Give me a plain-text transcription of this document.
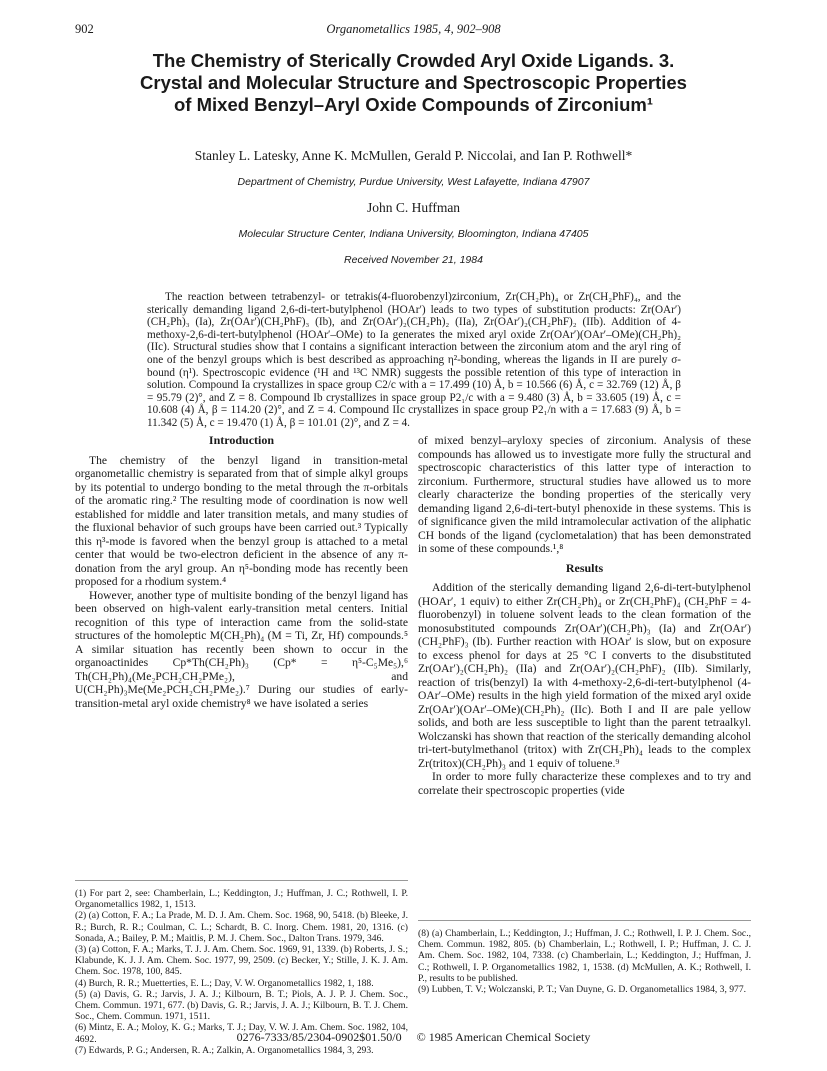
902	Organometallics 1985, 4, 902–908
The Chemistry of Sterically Crowded Aryl Oxide Ligands. 3.
Crystal and Molecular Structure and Spectroscopic Properties
of Mixed Benzyl–Aryl Oxide Compounds of Zirconium¹
Stanley L. Latesky, Anne K. McMullen, Gerald P. Niccolai, and Ian P. Rothwell*
Department of Chemistry, Purdue University, West Lafayette, Indiana 47907
John C. Huffman
Molecular Structure Center, Indiana University, Bloomington, Indiana 47405
Received November 21, 1984

The reaction between tetrabenzyl- or tetrakis(4-fluorobenzyl)zirconium, Zr(CH₂Ph)₄ or Zr(CH₂PhF)₄, and the sterically demanding ligand 2,6-di-tert-butylphenol (HOAr′) leads to two types of substitution products: Zr(OAr′)(CH₂Ph)₃ (Ia), Zr(OAr′)(CH₂PhF)₃ (Ib), and Zr(OAr′)₂(CH₂Ph)₂ (IIa), Zr(OAr′)₂(CH₂PhF)₂ (IIb). Addition of 4-methoxy-2,6-di-tert-butylphenol (HOAr′–OMe) to Ia generates the mixed aryl oxide Zr(OAr′)(OAr′–OMe)(CH₂Ph)₂ (IIc). Structural studies show that I contains a significant interaction between the zirconium atom and the aryl ring of one of the benzyl groups which is best described as approaching η²-bonding, whereas the ligands in II are purely σ-bound (η¹). Spectroscopic evidence (¹H and ¹³C NMR) suggests the possible retention of this type of interaction in solution. Compound Ia crystallizes in space group C2/c with a = 17.499 (10) Å, b = 10.566 (6) Å, c = 32.769 (12) Å, β = 95.79 (2)°, and Z = 8. Compound Ib crystallizes in space group P2₁/c with a = 9.480 (3) Å, b = 33.605 (19) Å, c = 10.608 (4) Å, β = 114.20 (2)°, and Z = 4. Compound IIc crystallizes in space group P2₁/n with a = 17.683 (9) Å, b = 11.342 (5) Å, c = 19.470 (1) Å, β = 101.01 (2)°, and Z = 4.

Introduction

The chemistry of the benzyl ligand in transition-metal organometallic chemistry is separated from that of simple alkyl groups by its potential to undergo bonding to the metal through the π-orbitals of the aromatic ring.² The resulting mode of coordination is now well established for middle and later transition metals, and many studies of the fluxional behavior of such groups have been carried out.³ Typically this η³-mode is favored when the benzyl group is attached to a metal center that would be two-electron deficient in the absence of any π-donation from the aryl group. An η⁵-bonding mode has recently been proposed for a rhodium system.⁴

However, another type of multisite bonding of the benzyl ligand has been observed on high-valent early-transition metal centers. Initial recognition of this type of interaction came from the solid-state structures of the homoleptic M(CH₂Ph)₄ (M = Ti, Zr, Hf) compounds.⁵ A similar situation has recently been shown to occur in the organoactinides Cp*Th(CH₂Ph)₃ (Cp* = η⁵-C₅Me₅),⁶ Th(CH₂Ph)₄(Me₂PCH₂CH₂PMe₂), and U(CH₂Ph)₃Me(Me₂PCH₂CH₂PMe₂).⁷ During our studies of early-transition-metal aryl oxide chemistry⁸ we have isolated a series

of mixed benzyl–aryloxy species of zirconium. Analysis of these compounds has allowed us to investigate more fully the structural and spectroscopic characteristics of this latter type of interaction to zirconium. Furthermore, structural studies have allowed us to more clearly characterize the bonding properties of the sterically very demanding ligand 2,6-di-tert-butyl phenoxide in these systems. This is of significance given the mild intramolecular activation of the aliphatic CH bonds of the ligand (cyclometalation) that has been demonstrated in some of these compounds.¹,⁸

Results

Addition of the sterically demanding ligand 2,6-di-tert-butylphenol (HOAr′, 1 equiv) to either Zr(CH₂Ph)₄ or Zr(CH₂PhF)₄ (CH₂PhF = 4-fluorobenzyl) in toluene solvent leads to the clean formation of the monosubstituted compounds Zr(OAr′)(CH₂Ph)₃ (Ia) and Zr(OAr′)(CH₂PhF)₃ (Ib). Further reaction with HOAr′ is slow, but on exposure to excess phenol for days at 25 °C I converts to the disubstituted Zr(OAr′)₂(CH₂Ph)₂ (IIa) and Zr(OAr′)₂(CH₂PhF)₂ (IIb). Similarly, reaction of tris(benzyl) Ia with 4-methoxy-2,6-di-tert-butylphenol (4-OAr′–OMe) results in the high yield formation of the mixed aryl oxide Zr(OAr′)(OAr′–OMe)(CH₂Ph)₂ (IIc). Both I and II are pale yellow solids, and both are less susceptible to light than the parent tetraalkyl. Wolczanski has shown that reaction of the sterically demanding alcohol tri-tert-butylmethanol (tritox) with Zr(CH₂Ph)₄ leads to the complex Zr(tritox)(CH₂Ph)₃ and 1 equiv of toluene.⁹

In order to more fully characterize these complexes and to try and correlate their spectroscopic properties (vide

(1) For part 2, see: Chamberlain, L.; Keddington, J.; Huffman, J. C.; Rothwell, I. P. Organometallics 1982, 1, 1513.

(2) (a) Cotton, F. A.; La Prade, M. D. J. Am. Chem. Soc. 1968, 90, 5418. (b) Bleeke, J. R.; Burch, R. R.; Coulman, C. L.; Schardt, B. C. Inorg. Chem. 1981, 20, 1316. (c) Sonada, A.; Bailey, P. M.; Maitlis, P. M. J. Chem. Soc., Dalton Trans. 1979, 346.

(3) (a) Cotton, F. A.; Marks, T. J. J. Am. Chem. Soc. 1969, 91, 1339. (b) Roberts, J. S.; Klabunde, K. J. J. Am. Chem. Soc. 1977, 99, 2509. (c) Becker, Y.; Stille, J. K. J. Am. Chem. Soc. 1978, 100, 845.

(4) Burch, R. R.; Muetterties, E. L.; Day, V. W. Organometallics 1982, 1, 188.

(5) (a) Davis, G. R.; Jarvis, J. A. J.; Kilbourn, B. T.; Piols, A. J. P. J. Chem. Soc., Chem. Commun. 1971, 677. (b) Davis, G. R.; Jarvis, J. A. J.; Kilbourn, B. T. J. Chem. Soc., Chem. Commun. 1971, 1511.

(6) Mintz, E. A.; Moloy, K. G.; Marks, T. J.; Day, V. W. J. Am. Chem. Soc. 1982, 104, 4692.

(7) Edwards, P. G.; Andersen, R. A.; Zalkin, A. Organometallics 1984, 3, 293.

(8) (a) Chamberlain, L.; Keddington, J.; Huffman, J. C.; Rothwell, I. P. J. Chem. Soc., Chem. Commun. 1982, 805. (b) Chamberlain, L.; Rothwell, I. P.; Huffman, J. C. J. Am. Chem. Soc. 1982, 104, 7338. (c) Chamberlain, L.; Keddington, J.; Huffman, J. C.; Rothwell, I. P. Organometallics 1982, 1, 1538. (d) McMullen, A. K.; Rothwell, I. P., results to be published.

(9) Lubben, T. V.; Wolczanski, P. T.; Van Duyne, G. D. Organometallics 1984, 3, 977.

0276-7333/85/2304-0902$01.50/0 © 1985 American Chemical Society
